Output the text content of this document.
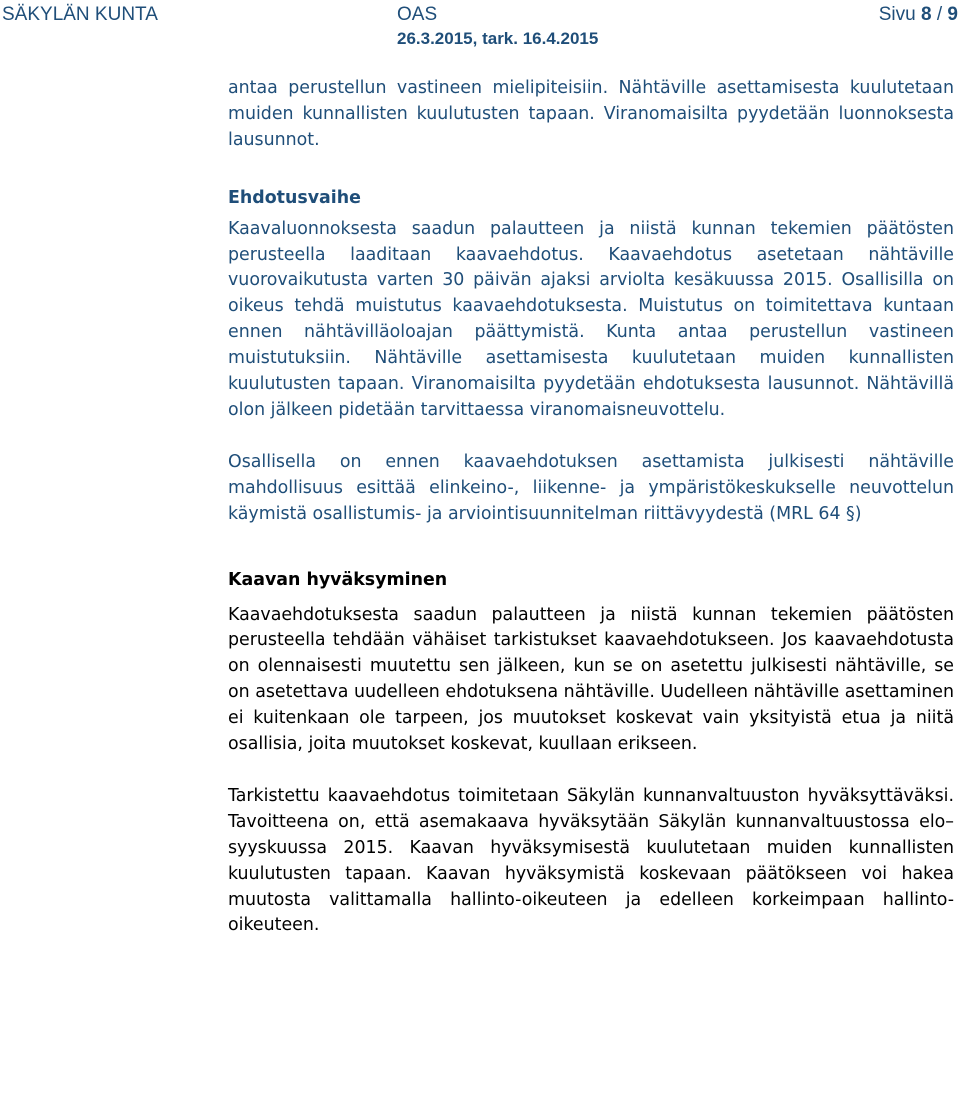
SÄKYLÄN KUNTA	OAS
26.3.2015, tark. 16.4.2015
Sivu 8 / 9

antaa perustellun vastineen mielipiteisiin. Nähtäville asettamisesta kuulutetaan muiden kunnallisten kuulutusten tapaan. Viranomaisilta pyydetään luonnoksesta lausunnot.

Ehdotusvaihe

Kaavaluonnoksesta saadun palautteen ja niistä kunnan tekemien päätösten perusteella laaditaan kaavaehdotus. Kaavaehdotus asetetaan nähtäville vuorovaikutusta varten 30 päivän ajaksi arviolta kesäkuussa 2015. Osallisilla on oikeus tehdä muistutus kaavaehdotuksesta. Muistutus on toimitettava kuntaan ennen nähtävilläoloajan päättymistä. Kunta antaa perustellun vastineen muistutuksiin. Nähtäville asettamisesta kuulutetaan muiden kunnallisten kuulutusten tapaan. Viranomaisilta pyydetään ehdotuksesta lausunnot. Nähtävillä olon jälkeen pidetään tarvittaessa viranomaisneuvottelu.

Osallisella on ennen kaavaehdotuksen asettamista julkisesti nähtäville mahdollisuus esittää elinkeino-, liikenne- ja ympäristökeskukselle neuvottelun käymistä osallistumis- ja arviointisuunnitelman riittävyydestä (MRL 64 §)

Kaavan hyväksyminen

Kaavaehdotuksesta saadun palautteen ja niistä kunnan tekemien päätösten perusteella tehdään vähäiset tarkistukset kaavaehdotukseen. Jos kaavaehdotusta on olennaisesti muutettu sen jälkeen, kun se on asetettu julkisesti nähtäville, se on asetettava uudelleen ehdotuksena nähtäville. Uudelleen nähtäville asettaminen ei kuitenkaan ole tarpeen, jos muutokset koskevat vain yksityistä etua ja niitä osallisia, joita muutokset koskevat, kuullaan erikseen.

Tarkistettu kaavaehdotus toimitetaan Säkylän kunnanvaltuuston hyväksyttäväksi. Tavoitteena on, että asemakaava hyväksytään Säkylän kunnanvaltuustossa elo–syyskuussa 2015. Kaavan hyväksymisestä kuulutetaan muiden kunnallisten kuulutusten tapaan. Kaavan hyväksymistä koskevaan päätökseen voi hakea muutosta valittamalla hallinto-oikeuteen ja edelleen korkeimpaan hallinto-oikeuteen.
